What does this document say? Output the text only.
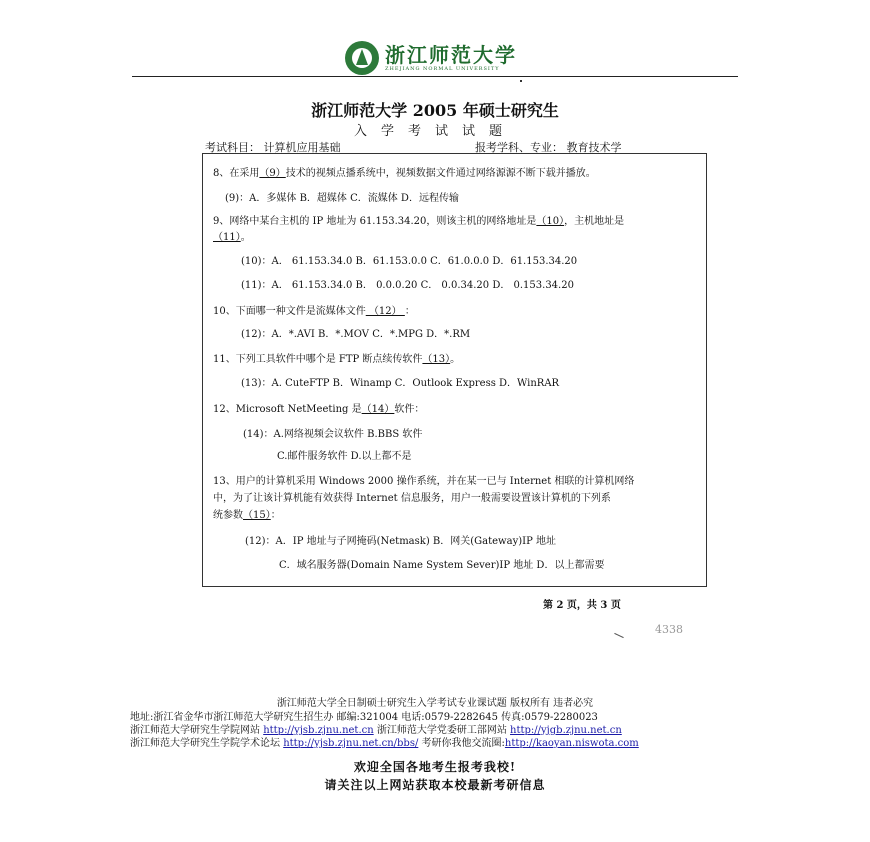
浙江师范大学
ZHEJIANG NORMAL UNIVERSITY
浙江师范大学 2005 年硕士研究生
入学考试试题
考试科目： 计算机应用基础	报考学科、专业： 教育技术学
8、在采用（9）技术的视频点播系统中，视频数据文件通过网络源源不断下载并播放。
(9)：A．多媒体 B．超媒体 C．流媒体 D．远程传输
9、网络中某台主机的 IP 地址为 61.153.34.20，则该主机的网络地址是（10），主机地址是
（11）。
(10)：A． 61.153.34.0 B．61.153.0.0 C．61.0.0.0 D．61.153.34.20
(11)：A． 61.153.34.0 B． 0.0.0.20 C． 0.0.34.20 D． 0.153.34.20
10、下面哪一种文件是流媒体文件 （12） ：
(12)：A．*.AVI B．*.MOV C．*.MPG D．*.RM
11、下列工具软件中哪个是 FTP 断点续传软件（13）。
(13)：A. CuteFTP B．Winamp C．Outlook Express D．WinRAR
12、Microsoft NetMeeting 是（14）软件：
(14)：A.网络视频会议软件 B.BBS 软件
C.邮件服务软件 D.以上都不是
13、用户的计算机采用 Windows 2000 操作系统，并在某一已与 Internet 相联的计算机网络
中，为了让该计算机能有效获得 Internet 信息服务，用户一般需要设置该计算机的下列系
统参数（15）：
(12)：A．IP 地址与子网掩码(Netmask) B．网关(Gateway)IP 地址
C．域名服务器(Domain Name System Sever)IP 地址 D．以上都需要
第 2 页，共 3 页
4338
浙江师范大学全日制硕士研究生入学考试专业课试题 版权所有 违者必究
地址:浙江省金华市浙江师范大学研究生招生办 邮编:321004 电话:0579-2282645 传真:0579-2280023
浙江师范大学研究生学院网站 http://yjsb.zjnu.net.cn 浙江师范大学党委研工部网站 http://yjgb.zjnu.net.cn
浙江师范大学研究生学院学术论坛 http://yjsb.zjnu.net.cn/bbs/ 考研你我他交流圈:http://kaoyan.niswota.com
欢迎全国各地考生报考我校!
请关注以上网站获取本校最新考研信息
